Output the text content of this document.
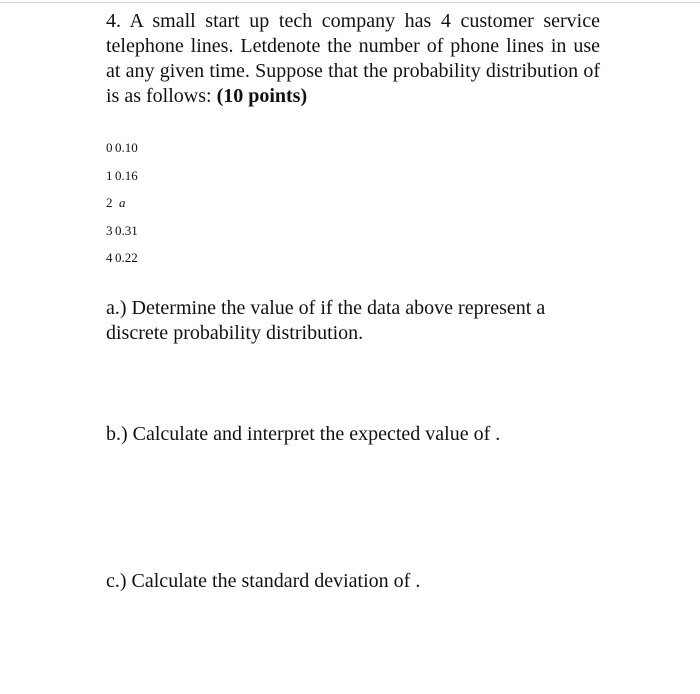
4. A small start up tech company has 4 customer service telephone lines. Letdenote the number of phone lines in use at any given time. Suppose that the probability distribution of is as follows: (10 points)
0 0.10
1 0.16
2 a
3 0.31
4 0.22
a.) Determine the value of if the data above represent a discrete probability distribution.
b.) Calculate and interpret the expected value of .
c.) Calculate the standard deviation of .
